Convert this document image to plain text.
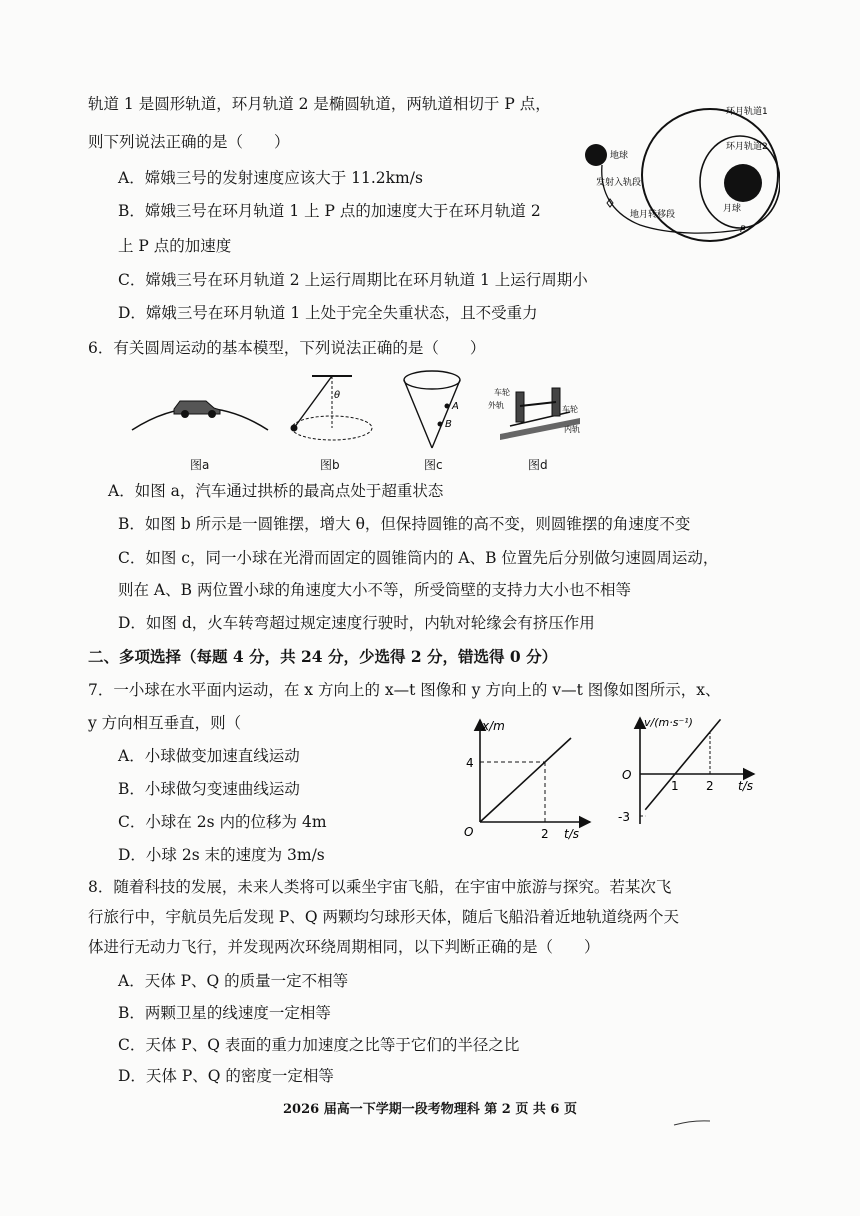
轨道 1 是圆形轨道，环月轨道 2 是椭圆轨道，两轨道相切于 P 点，
则下列说法正确的是（　　）
A．嫦娥三号的发射速度应该大于 11.2km/s
B．嫦娥三号在环月轨道 1 上 P 点的加速度大于在环月轨道 2
上 P 点的加速度
C．嫦娥三号在环月轨道 2 上运行周期比在环月轨道 1 上运行周期小
D．嫦娥三号在环月轨道 1 上处于完全失重状态，且不受重力
环月轨道1
环月轨道2
地球
发射入轨段
地月转移段
月球
P
6．有关圆周运动的基本模型，下列说法正确的是（　　）
θ
A
B
车轮
外轨	车轮
内轨
图a	图b	图c	图d
A．如图 a，汽车通过拱桥的最高点处于超重状态
B．如图 b 所示是一圆锥摆，增大 θ，但保持圆锥的高不变，则圆锥摆的角速度不变
C．如图 c，同一小球在光滑而固定的圆锥筒内的 A、B 位置先后分别做匀速圆周运动，
则在 A、B 两位置小球的角速度大小不等，所受筒壁的支持力大小也不相等
D．如图 d，火车转弯超过规定速度行驶时，内轨对轮缘会有挤压作用
二、多项选择（每题 4 分，共 24 分，少选得 2 分，错选得 0 分）
7．一小球在水平面内运动，在 x 方向上的 x—t 图像和 y 方向上的 v—t 图像如图所示，x、
y 方向相互垂直，则（
A．小球做变加速直线运动
B．小球做匀变速曲线运动
C．小球在 2s 内的位移为 4m
D．小球 2s 末的速度为 3m/s
x/m
t/s
4
2
O
v/(m·s⁻¹)
t/s
O
1 2
-3
8．随着科技的发展，未来人类将可以乘坐宇宙飞船，在宇宙中旅游与探究。若某次飞
行旅行中，宇航员先后发现 P、Q 两颗均匀球形天体，随后飞船沿着近地轨道绕两个天
体进行无动力飞行，并发现两次环绕周期相同，以下判断正确的是（　　）
A．天体 P、Q 的质量一定不相等
B．两颗卫星的线速度一定相等
C．天体 P、Q 表面的重力加速度之比等于它们的半径之比
D．天体 P、Q 的密度一定相等
2026 届高一下学期一段考物理科 第 2 页 共 6 页
